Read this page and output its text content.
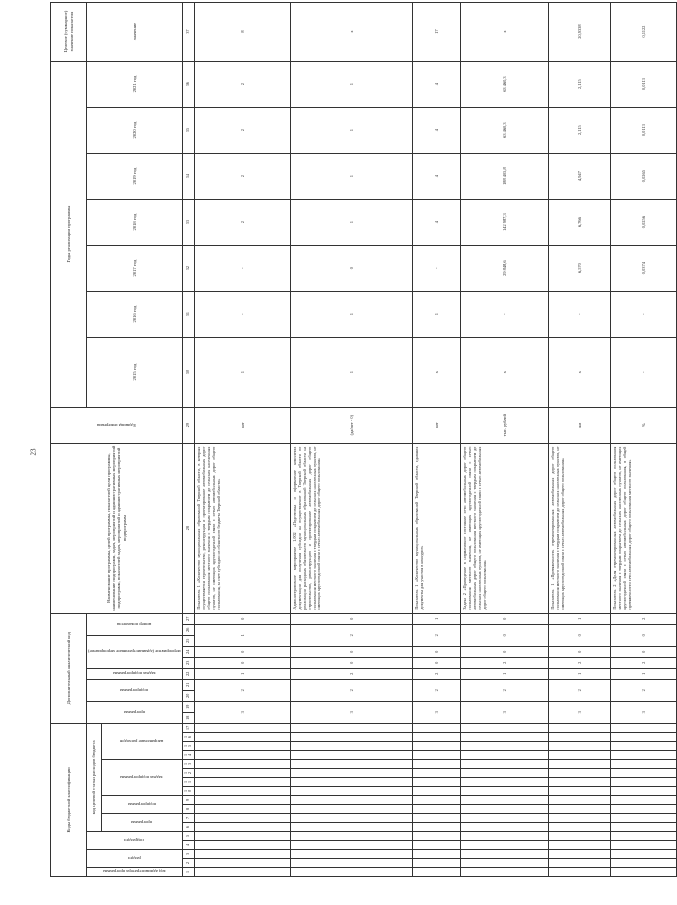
23
Коды бюджетной классификации																	Дополнительный аналитический код										Наименование программы, целей программы, показателей цели программы, наименование подпрограмм, задач, мероприятий и административных мероприятий подпрограмм, показателей задач, мероприятий и административных мероприятий подпрограмм	Единица измерения	Годы реализации программы							Целевое (суммарное) значение показателя

код администратора программы	раздел		подраздел		код целевой статьи расходов бюджета												программа		подпрограмма		задача подпрограммы	мероприятие (административное мероприятие)			номер показателя				2015 год	2016 год	2017 год	2018 год	2019 год	2020 год	2021 год	значение

					программа		подпрограмма		задача подпрограммы				направление расходов																							

1	2	3	4	5	6	7	8	9	10	11	12	13	14	15	16	17	18	19	20	21	22	23	24	25	26	27	28	29	30	31	32	33	34	35	36	37
																	3		2		1	0	0	1		0	Показатель 1 «Количество муниципальных образований Тверской области, в которых осуществляется строительство, реконструкция и проектирование автомобильных дорог общего пользования местного значения с твердым покрытием до сельских населенных пунктов, не имеющих круглогодичной связи с сетью автомобильных дорог общего пользования, за счет субсидии из областного бюджета Тверской области»	шт	1	-	-	2	2	2	2	8
																	3		2		2	0	0	2		0	Административное мероприятие 1.002 «Подготовка и оформление комплекта документации для получения субсидии на осуществление в Тверской области по реализации расходных обязательств муниципальных образований Тверской области на строительство, реконструкцию и проектирование автомобильных дорог общего пользования местного значения с твердым покрытием до сельских населенных пунктов, не имеющих круглогодичной связи с сетью автомобильных дорог общего пользования»	(да/нет - 0)	1	1	0	1	1	1	1	х
																	3		2		2	0	0	2		1	Показатель 1 «Количество муниципальных образований Тверской области, сдавших документы для участия в конкурсе»	шт	х	1	-	4	4	4	4	17
																	3		2		1	2	0	0		0	Задача 2 «Приведение в нормативное состояние сети автомобильных дорог общего пользования местного значения, не имеющих круглогодичной связи с сетью автомобильных дорог общего пользования местного значения с твердым покрытием до сельских населенных пунктов, не имеющих круглогодичной связи с сетью автомобильных дорог общего пользования»	тыс. рублей	х	-	29 848,6	142 987,3	188 405,8	63 460,3	63 460,3	х
																	3		2		1	2	0	0		1	Показатель 1 «Протяженность отремонтированных автомобильных дорог общего пользования местного значения с твердым покрытием до сельских населенных пунктов, не имеющих круглогодичной связи с сетью автомобильных дорог общего пользования»	км	х	-	6,570	6,766	4,947	2,115	2,115	20,9338
																	3		2		1	2	0	0		2	Показатель 2 «Доля отремонтированных автомобильных дорог общего пользования местного значения с твердым покрытием до сельских населенных пунктов, не имеющих круглогодичной связи с сетью автомобильных дорог общего пользования, в общей протяженности сети автомобильных дорог общего пользования местного значения»	%	-	-	0,0374	0,0256	0,0265	0,0113	0,0113	0,1122
